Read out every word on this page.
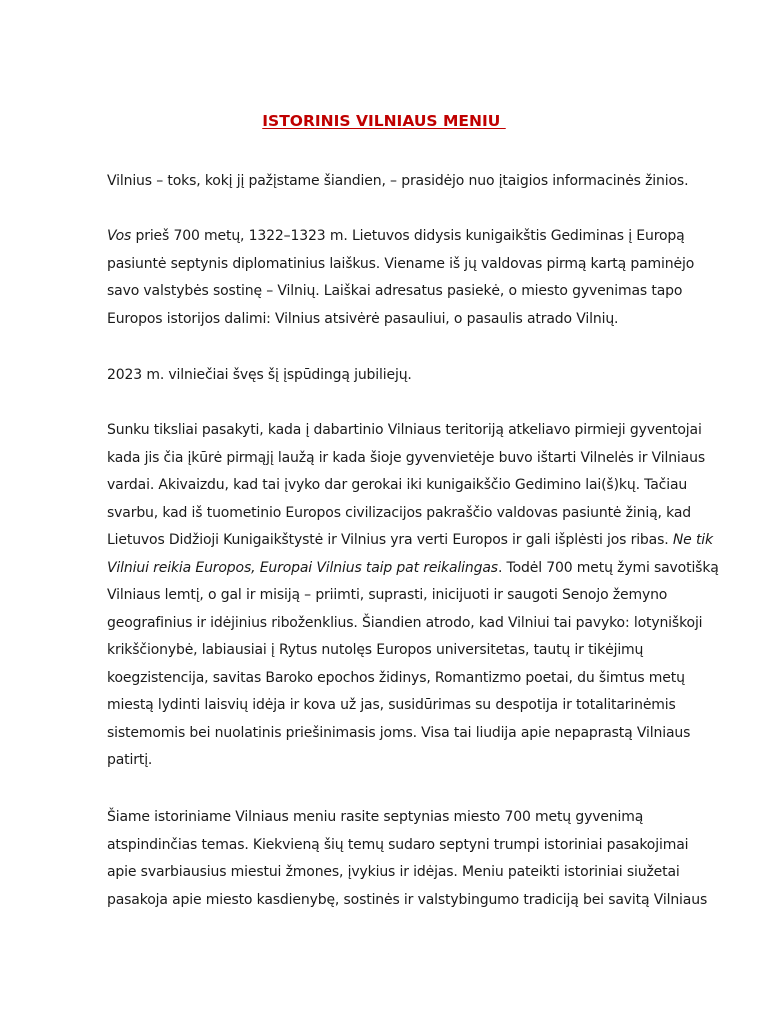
ISTORINIS VILNIAUS MENIU
Vilnius – toks, kokį jį pažįstame šiandien, – prasidėjo nuo įtaigios informacinės žinios.
Vos prieš 700 metų, 1322–1323 m. Lietuvos didysis kunigaikštis Gediminas į Europą
pasiuntė septynis diplomatinius laiškus. Viename iš jų valdovas pirmą kartą paminėjo
savo valstybės sostinę – Vilnių. Laiškai adresatus pasiekė, o miesto gyvenimas tapo
Europos istorijos dalimi: Vilnius atsivėrė pasauliui, o pasaulis atrado Vilnių.
2023 m. vilniečiai švęs šį įspūdingą jubiliejų.
Sunku tiksliai pasakyti, kada į dabartinio Vilniaus teritoriją atkeliavo pirmieji gyventojai
kada jis čia įkūrė pirmąjį laužą ir kada šioje gyvenvietėje buvo ištarti Vilnelės ir Vilniaus
vardai. Akivaizdu, kad tai įvyko dar gerokai iki kunigaikščio Gedimino lai(š)kų. Tačiau
svarbu, kad iš tuometinio Europos civilizacijos pakraščio valdovas pasiuntė žinią, kad
Lietuvos Didžioji Kunigaikštystė ir Vilnius yra verti Europos ir gali išplėsti jos ribas. Ne tik
Vilniui reikia Europos, Europai Vilnius taip pat reikalingas. Todėl 700 metų žymi savotišką
Vilniaus lemtį, o gal ir misiją – priimti, suprasti, inicijuoti ir saugoti Senojo žemyno
geografinius ir idėjinius riboženklius. Šiandien atrodo, kad Vilniui tai pavyko: lotyniškoji
krikščionybė, labiausiai į Rytus nutolęs Europos universitetas, tautų ir tikėjimų
koegzistencija, savitas Baroko epochos židinys, Romantizmo poetai, du šimtus metų
miestą lydinti laisvių idėja ir kova už jas, susidūrimas su despotija ir totalitarinėmis
sistemomis bei nuolatinis priešinimasis joms. Visa tai liudija apie nepaprastą Vilniaus
patirtį.
Šiame istoriniame Vilniaus meniu rasite septynias miesto 700 metų gyvenimą
atspindinčias temas. Kiekvieną šių temų sudaro septyni trumpi istoriniai pasakojimai
apie svarbiausius miestui žmones, įvykius ir idėjas. Meniu pateikti istoriniai siužetai
pasakoja apie miesto kasdienybę, sostinės ir valstybingumo tradiciją bei savitą Vilniaus
